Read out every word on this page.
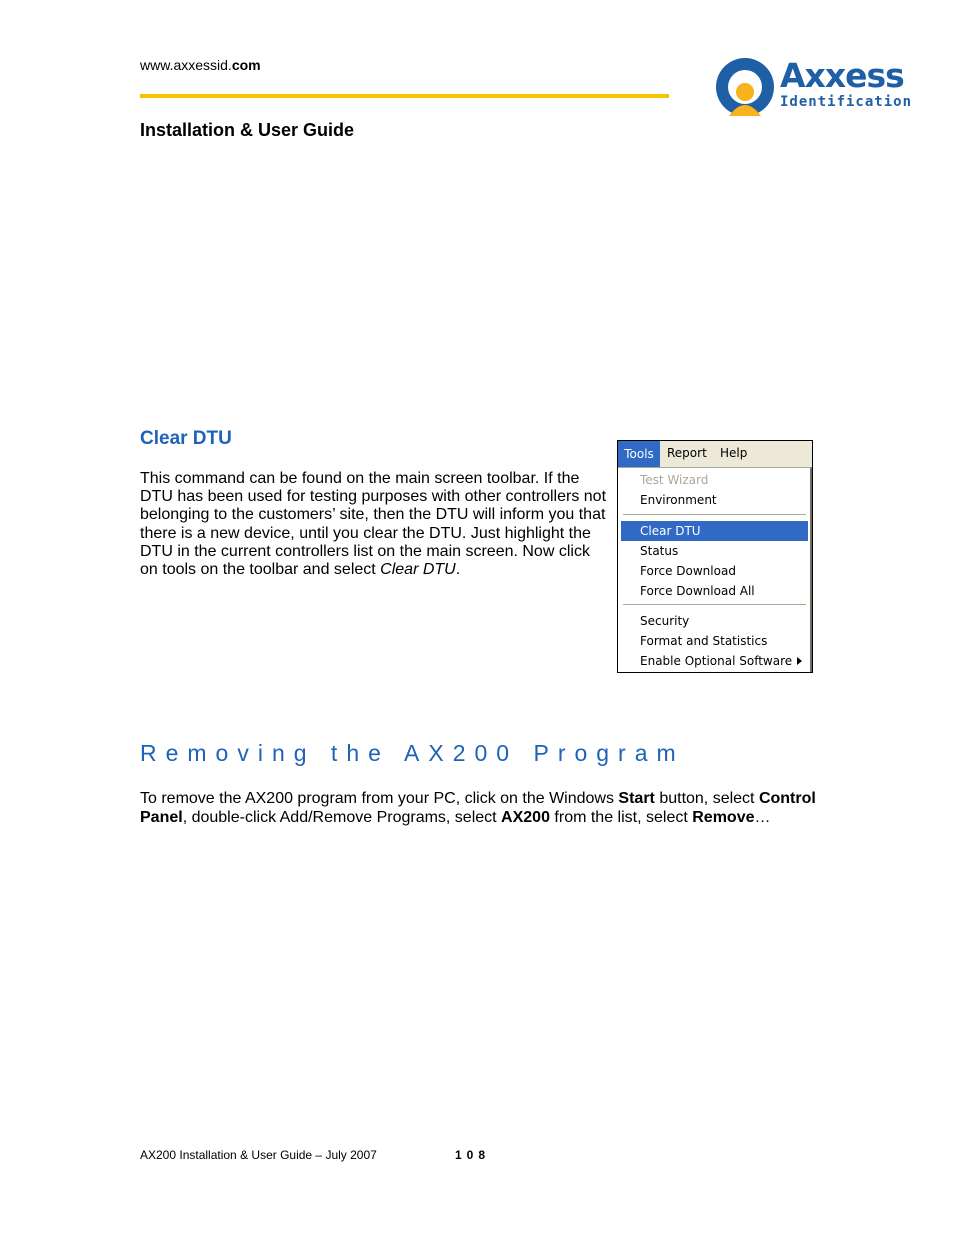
www.axxessid.com
Installation & User Guide
Axxess
Identification
Clear DTU
This command can be found on the main screen toolbar. If the DTU has been used for testing purposes with other controllers not belonging to the customers’ site, then the DTU will inform you that there is a new device, until you clear the DTU. Just highlight the DTU in the current controllers list on the main screen. Now click on tools on the toolbar and select Clear DTU.
Tools	Report Help
Test Wizard
Environment
Clear DTU
Status
Force Download
Force Download All
Security
Format and Statistics
Enable Optional Software
Removing the AX200 Program
To remove the AX200 program from your PC, click on the Windows Start button, select Control Panel, double-click Add/Remove Programs, select AX200 from the list, select Remove…
AX200 Installation & User Guide – July 2007	108
